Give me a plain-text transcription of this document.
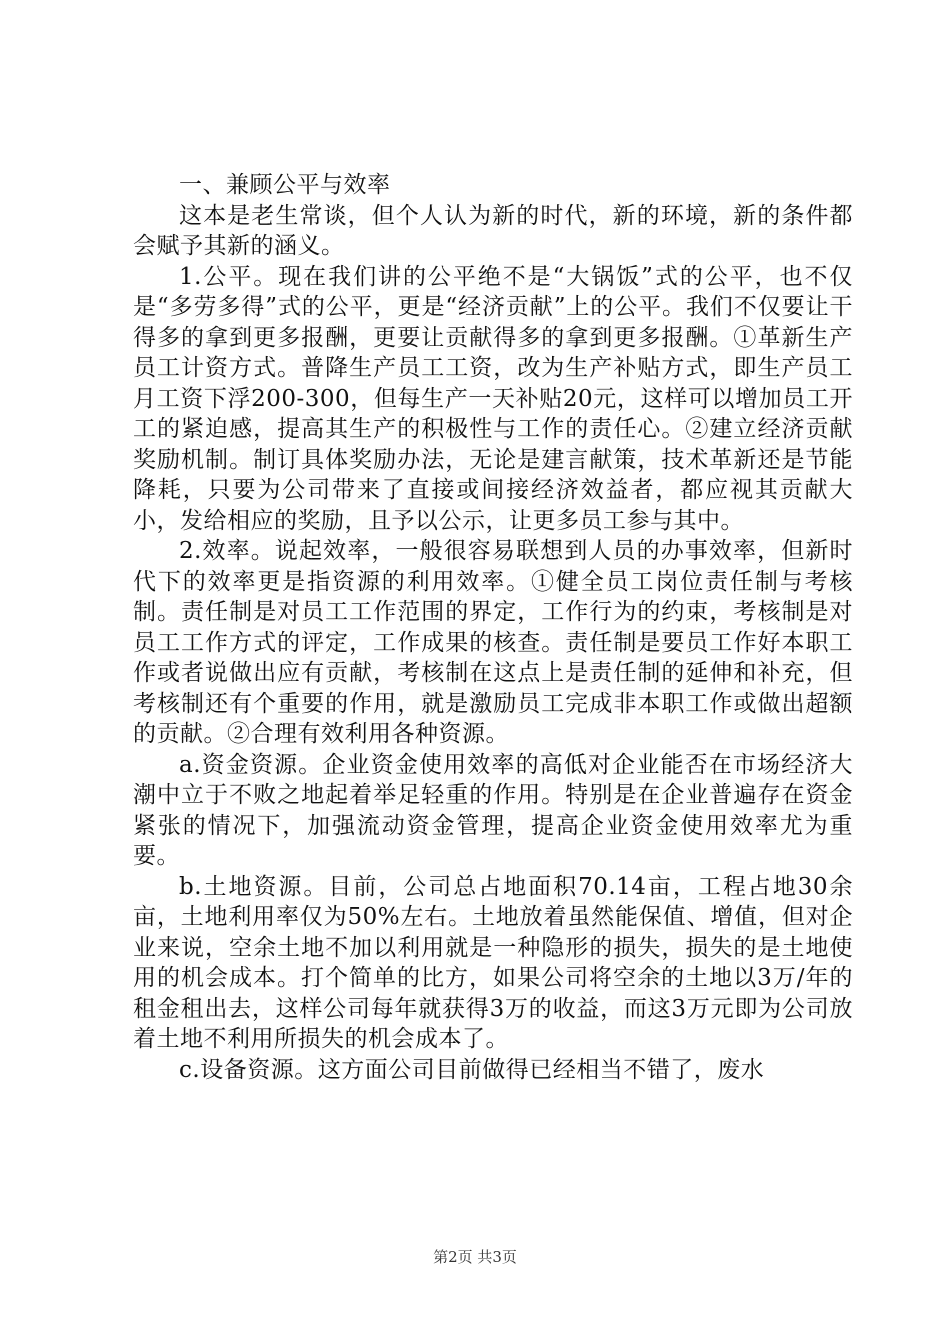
一、兼顾公平与效率

这本是老生常谈，但个人认为新的时代，新的环境，新的条件都会赋予其新的涵义。

1.公平。现在我们讲的公平绝不是“大锅饭”式的公平，也不仅是“多劳多得”式的公平，更是“经济贡献”上的公平。我们不仅要让干得多的拿到更多报酬，更要让贡献得多的拿到更多报酬。①革新生产员工计资方式。普降生产员工工资，改为生产补贴方式，即生产员工月工资下浮200-300，但每生产一天补贴20元，这样可以增加员工开工的紧迫感，提高其生产的积极性与工作的责任心。②建立经济贡献奖励机制。制订具体奖励办法，无论是建言献策，技术革新还是节能降耗，只要为公司带来了直接或间接经济效益者，都应视其贡献大小，发给相应的奖励，且予以公示，让更多员工参与其中。

2.效率。说起效率，一般很容易联想到人员的办事效率，但新时代下的效率更是指资源的利用效率。①健全员工岗位责任制与考核制。责任制是对员工工作范围的界定，工作行为的约束，考核制是对员工工作方式的评定，工作成果的核查。责任制是要员工作好本职工作或者说做出应有贡献，考核制在这点上是责任制的延伸和补充，但考核制还有个重要的作用，就是激励员工完成非本职工作或做出超额的贡献。②合理有效利用各种资源。

a.资金资源。企业资金使用效率的高低对企业能否在市场经济大潮中立于不败之地起着举足轻重的作用。特别是在企业普遍存在资金紧张的情况下，加强流动资金管理，提高企业资金使用效率尤为重要。

b.土地资源。目前，公司总占地面积70.14亩，工程占地30余亩，土地利用率仅为50%左右。土地放着虽然能保值、增值，但对企业来说，空余土地不加以利用就是一种隐形的损失，损失的是土地使用的机会成本。打个简单的比方，如果公司将空余的土地以3万/年的租金租出去，这样公司每年就获得3万的收益，而这3万元即为公司放着土地不利用所损失的机会成本了。

c.设备资源。这方面公司目前做得已经相当不错了，废水

第2页 共3页
